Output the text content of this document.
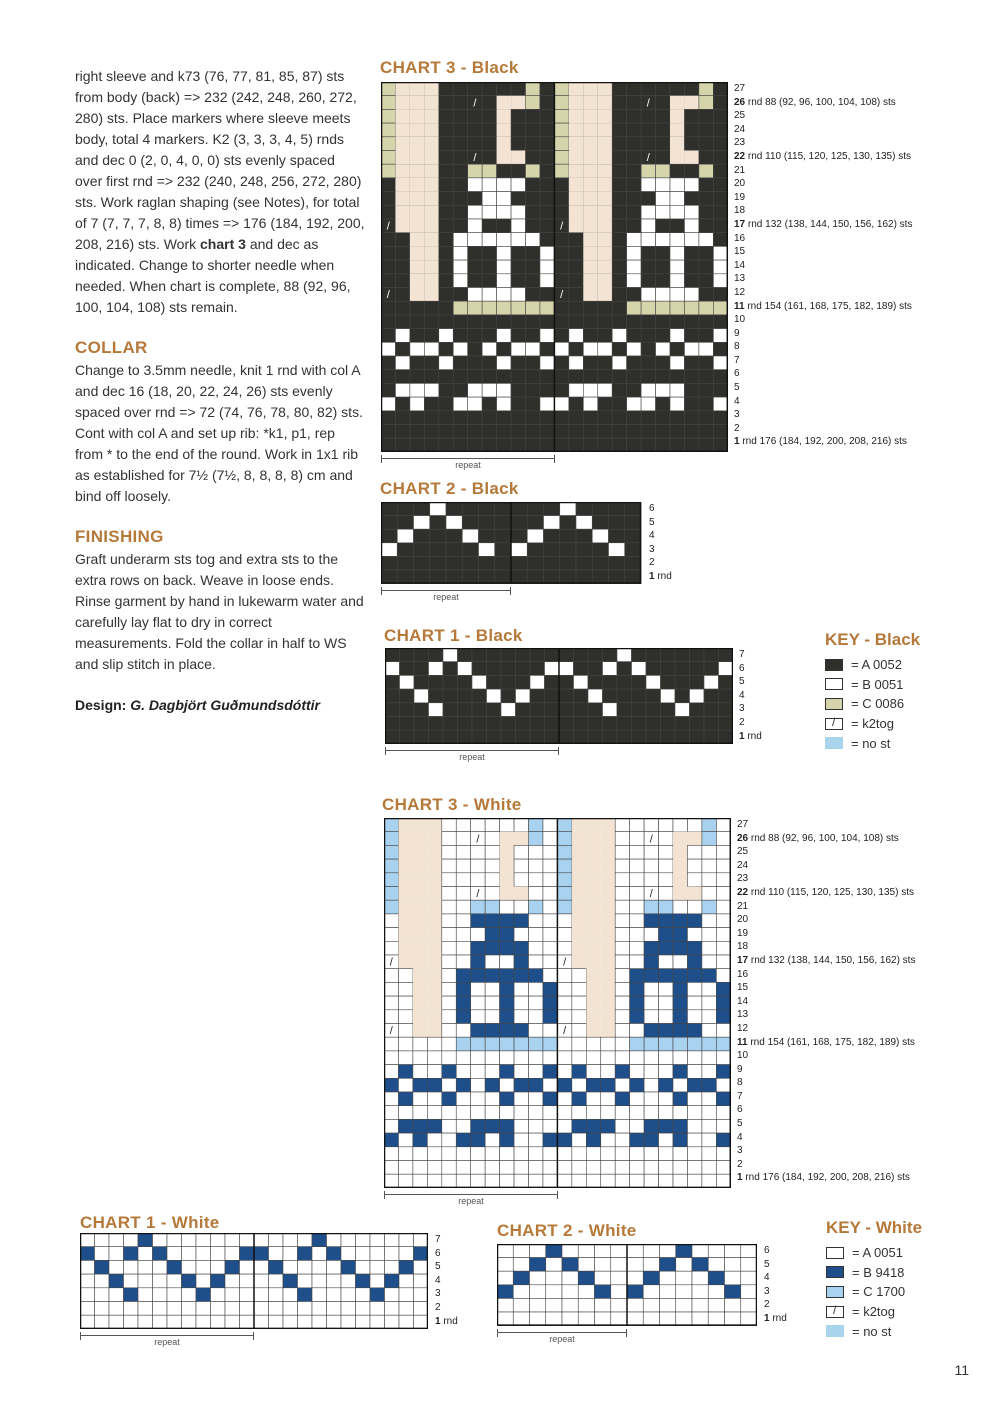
right sleeve and k73 (76, 77, 81, 85, 87) sts from body (back) => 232 (242, 248, 260, 272, 280) sts. Place markers where sleeve meets body, total 4 markers. K2 (3, 3, 3, 4, 5) rnds and dec 0 (2, 0, 4, 0, 0) sts evenly spaced over first rnd => 232 (240, 248, 256, 272, 280) sts. Work raglan shaping (see Notes), for total of 7 (7, 7, 7, 8, 8) times => 176 (184, 192, 200, 208, 216) sts. Work chart 3 and dec as indicated. Change to shorter needle when needed. When chart is complete, 88 (92, 96, 100, 104, 108) sts remain.

COLLAR

Change to 3.5mm needle, knit 1 rnd with col A and dec 16 (18, 20, 22, 24, 26) sts evenly spaced over rnd => 72 (74, 76, 78, 80, 82) sts. Cont with col A and set up rib: *k1, p1, rep from * to the end of the round. Work in 1x1 rib as established for 7½ (7½, 8, 8, 8, 8) cm and bind off loosely.

FINISHING

Graft underarm sts tog and extra sts to the extra rows on back. Weave in loose ends. Rinse garment by hand in lukewarm water and carefully lay flat to dry in correct measurements. Fold the collar in half to WS and slip stitch in place.

Design: G. Dagbjört Guðmundsdóttir

CHART 3 - Black
CHART 2 - Black
CHART 1 - Black
CHART 3 - White
CHART 1 - White	CHART 2 - White
/	/
/	/
/	/
/	/
/	/
/	/
/	/
/	/
27
26 rnd 88 (92, 96, 100, 104, 108) sts
25
24
23
22 rnd 110 (115, 120, 125, 130, 135) sts
21
20
19
18
17 rnd 132 (138, 144, 150, 156, 162) sts
16
15
14
13
12
11 rnd 154 (161, 168, 175, 182, 189) sts
10
9
8
7
6
5
4
3
2
1 rnd 176 (184, 192, 200, 208, 216) sts
27
26 rnd 88 (92, 96, 100, 104, 108) sts
25
24
23
22 rnd 110 (115, 120, 125, 130, 135) sts
21
20
19
18
17 rnd 132 (138, 144, 150, 156, 162) sts
16
15
14
13
12
11 rnd 154 (161, 168, 175, 182, 189) sts
10
9
8
7
6
5
4
3
2
1 rnd 176 (184, 192, 200, 208, 216) sts
6
5
4
3
2
1 rnd
6
5
4
3
2
1 rnd
7
6
5
4
3
2
1 rnd
7
6
5
4
3
2
1 rnd
repeat
repeat
repeat
repeat
repeat	repeat
KEY - Black
= A 0052
= B 0051
= C 0086
/
= k2tog
= no st
KEY - White
= A 0051
= B 9418
= C 1700
/
= k2tog
= no st
11
